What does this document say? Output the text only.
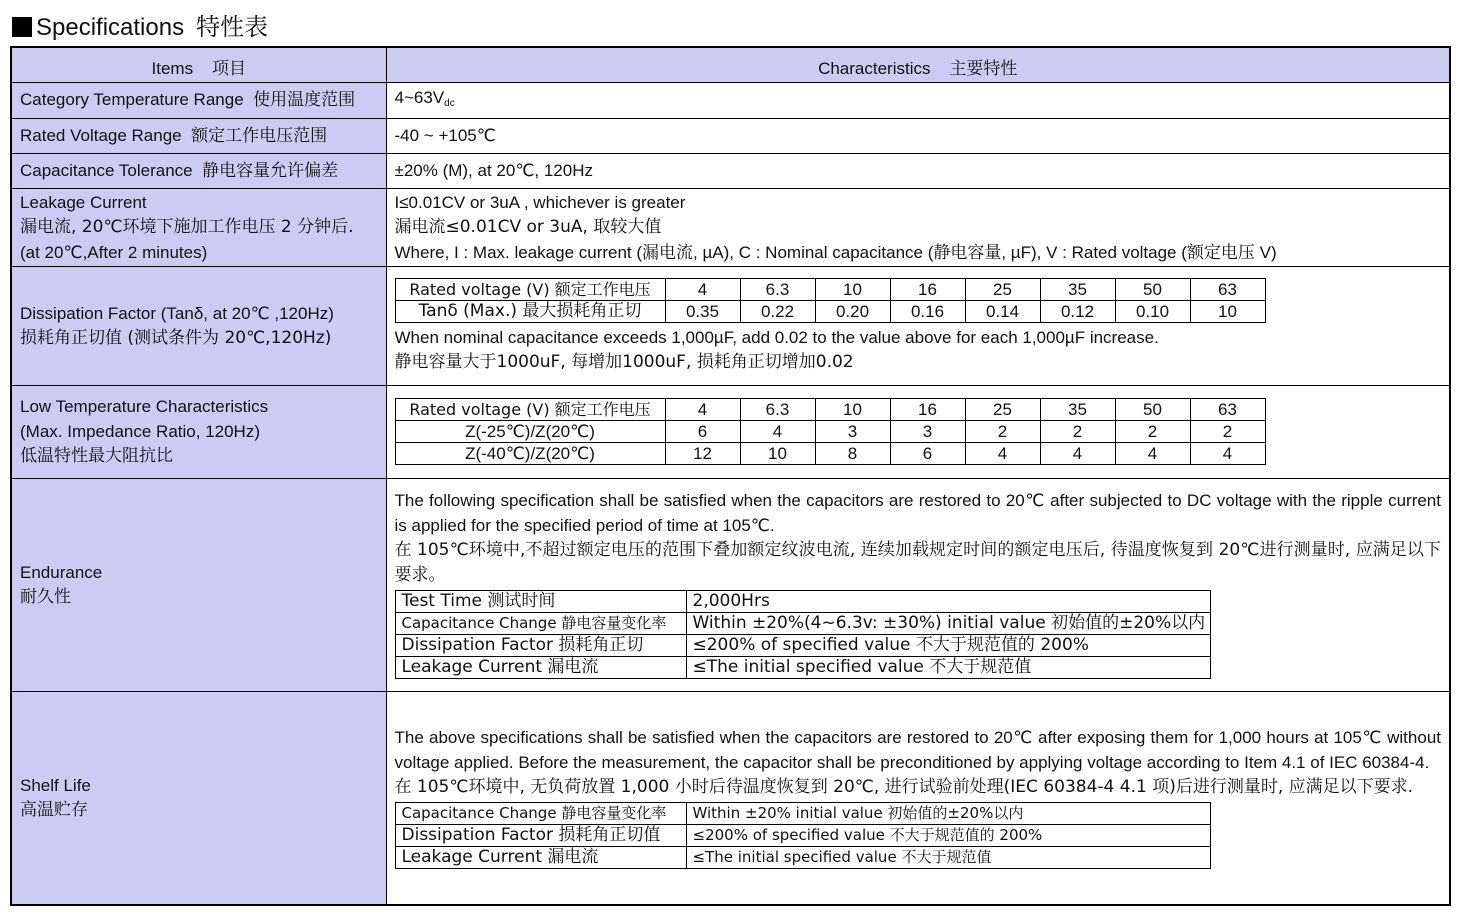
Specifications 特性表
Items 项目	Characteristics 主要特性
Category Temperature Range 使用温度范围	$4\sim 63V_{dc}$
Rated Voltage Range 额定工作电压范围	-40 ~ +105℃
Capacitance Tolerance 静电容量允许偏差	±20% (M), at 20℃, 120Hz

Leakage Current
漏电流, 20℃环境下施加工作电压 2 分钟后.
(at 20℃,After 2 minutes)

I≤0.01CV or 3uA , whichever is greater
漏电流≤0.01CV or 3uA, 取较大值
Where, I : Max. leakage current (漏电流, µA), C : Nominal capacitance (静电容量, µF), V : Rated voltage (额定电压 V)

Dissipation Factor (Tanδ, at 20℃ ,120Hz)
损耗角正切值 (测试条件为 20℃,120Hz)

Rated voltage (V) 额定工作电压	4	6.3	10	16	25	35	50	63
Tanδ (Max.) 最大损耗角正切	0.35	0.22	0.20	0.16	0.14	0.12	0.10	10
When nominal capacitance exceeds 1,000µF, add 0.02 to the value above for each 1,000µF increase.
静电容量大于1000uF, 每增加1000uF, 损耗角正切增加0.02

Low Temperature Characteristics
(Max. Impedance Ratio, 120Hz)
低温特性最大阻抗比

Rated voltage (V) 额定工作电压	4	6.3	10	16	25	35	50	63
Z(-25℃)/Z(20℃)	6	4	3	3	2	2	2	2
Z(-40℃)/Z(20℃)	12	10	8	6	4	4	4	4

Endurance
耐久性

The following specification shall be satisfied when the capacitors are restored to 20℃ after subjected to DC voltage with the ripple current is applied for the specified period of time at 105℃.
在 105℃环境中,不超过额定电压的范围下叠加额定纹波电流, 连续加载规定时间的额定电压后, 待温度恢复到 20℃进行测量时, 应满足以下要求。
Test Time 测试时间	2,000Hrs
Capacitance Change 静电容量变化率	Within ±20%(4~6.3v: ±30%) initial value 初始值的±20%以内
Dissipation Factor 损耗角正切	≤200% of specified value 不大于规范值的 200%
Leakage Current 漏电流	≤The initial specified value 不大于规范值

Shelf Life
高温贮存

The above specifications shall be satisfied when the capacitors are restored to 20℃ after exposing them for 1,000 hours at 105℃ without voltage applied. Before the measurement, the capacitor shall be preconditioned by applying voltage according to Item 4.1 of IEC 60384-4.
在 105℃环境中, 无负荷放置 1,000 小时后待温度恢复到 20℃, 进行试验前处理(IEC 60384-4 4.1 项)后进行测量时, 应满足以下要求.
Capacitance Change 静电容量变化率	Within ±20% initial value 初始值的±20%以内
Dissipation Factor 损耗角正切值	≤200% of specified value 不大于规范值的 200%
Leakage Current 漏电流	≤The initial specified value 不大于规范值
